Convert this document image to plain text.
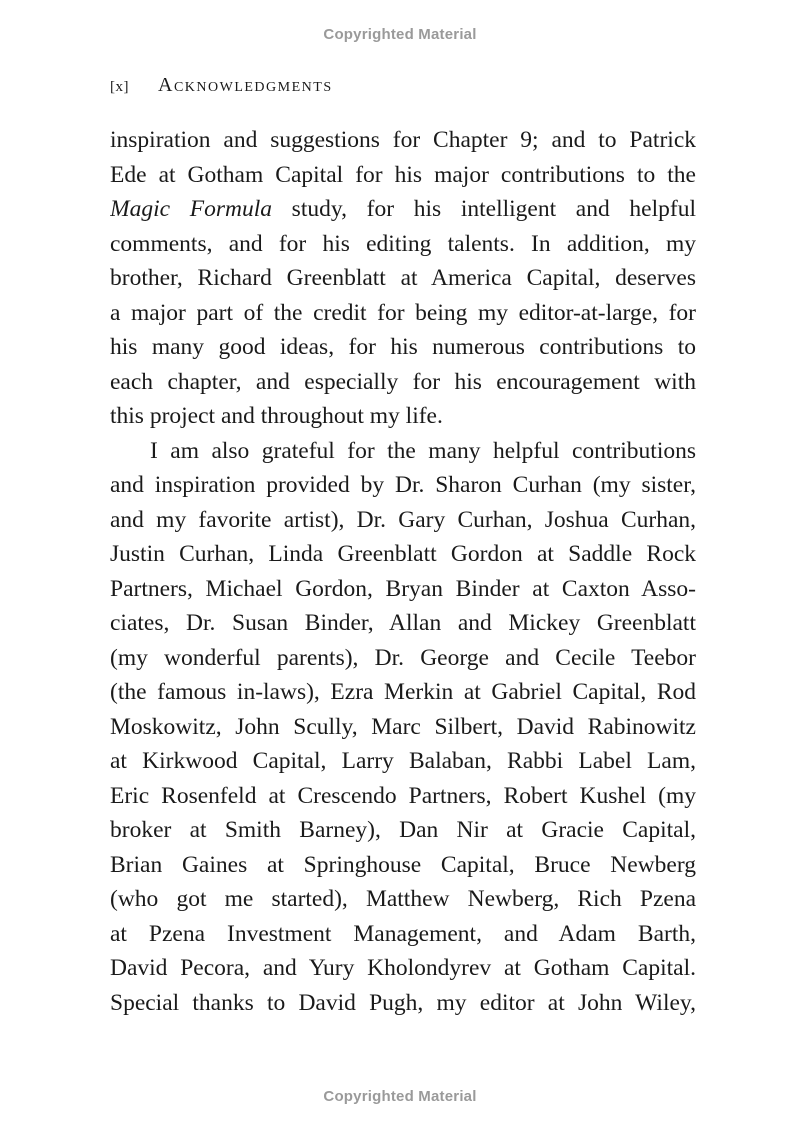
Copyrighted Material
[x] Acknowledgments
inspiration and suggestions for Chapter 9; and to Patrick
Ede at Gotham Capital for his major contributions to the
Magic Formula study, for his intelligent and helpful
comments, and for his editing talents. In addition, my
brother, Richard Greenblatt at America Capital, deserves
a major part of the credit for being my editor-at-large, for
his many good ideas, for his numerous contributions to
each chapter, and especially for his encouragement with
this project and throughout my life.
I am also grateful for the many helpful contributions
and inspiration provided by Dr. Sharon Curhan (my sister,
and my favorite artist), Dr. Gary Curhan, Joshua Curhan,
Justin Curhan, Linda Greenblatt Gordon at Saddle Rock
Partners, Michael Gordon, Bryan Binder at Caxton Asso-
ciates, Dr. Susan Binder, Allan and Mickey Greenblatt
(my wonderful parents), Dr. George and Cecile Teebor
(the famous in-laws), Ezra Merkin at Gabriel Capital, Rod
Moskowitz, John Scully, Marc Silbert, David Rabinowitz
at Kirkwood Capital, Larry Balaban, Rabbi Label Lam,
Eric Rosenfeld at Crescendo Partners, Robert Kushel (my
broker at Smith Barney), Dan Nir at Gracie Capital,
Brian Gaines at Springhouse Capital, Bruce Newberg
(who got me started), Matthew Newberg, Rich Pzena
at Pzena Investment Management, and Adam Barth,
David Pecora, and Yury Kholondyrev at Gotham Capital.
Special thanks to David Pugh, my editor at John Wiley,
Copyrighted Material
